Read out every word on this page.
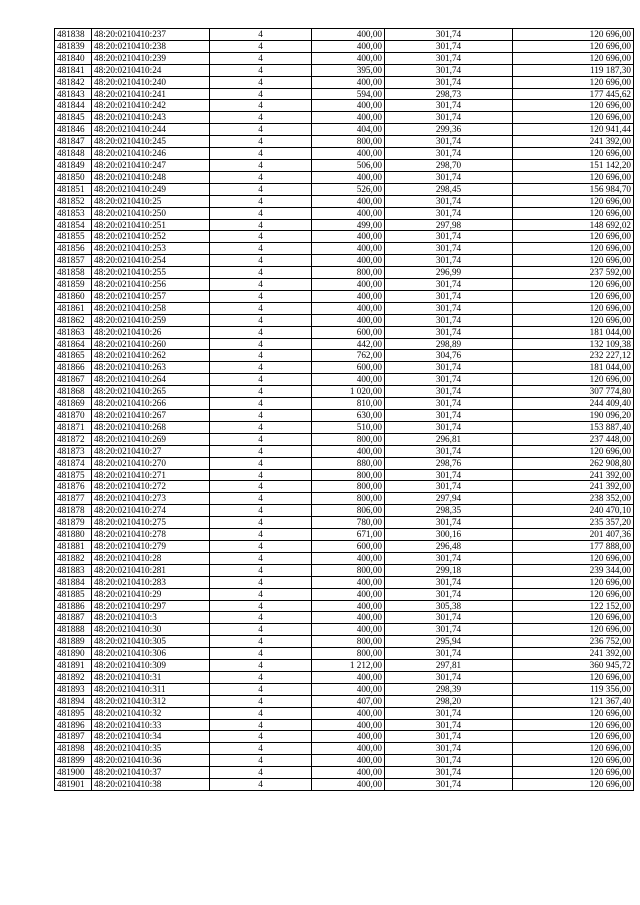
481838	48:20:0210410:237	4	400,00	301,74	120 696,00
481839	48:20:0210410:238	4	400,00	301,74	120 696,00
481840	48:20:0210410:239	4	400,00	301,74	120 696,00
481841	48:20:0210410:24	4	395,00	301,74	119 187,30
481842	48:20:0210410:240	4	400,00	301,74	120 696,00
481843	48:20:0210410:241	4	594,00	298,73	177 445,62
481844	48:20:0210410:242	4	400,00	301,74	120 696,00
481845	48:20:0210410:243	4	400,00	301,74	120 696,00
481846	48:20:0210410:244	4	404,00	299,36	120 941,44
481847	48:20:0210410:245	4	800,00	301,74	241 392,00
481848	48:20:0210410:246	4	400,00	301,74	120 696,00
481849	48:20:0210410:247	4	506,00	298,70	151 142,20
481850	48:20:0210410:248	4	400,00	301,74	120 696,00
481851	48:20:0210410:249	4	526,00	298,45	156 984,70
481852	48:20:0210410:25	4	400,00	301,74	120 696,00
481853	48:20:0210410:250	4	400,00	301,74	120 696,00
481854	48:20:0210410:251	4	499,00	297,98	148 692,02
481855	48:20:0210410:252	4	400,00	301,74	120 696,00
481856	48:20:0210410:253	4	400,00	301,74	120 696,00
481857	48:20:0210410:254	4	400,00	301,74	120 696,00
481858	48:20:0210410:255	4	800,00	296,99	237 592,00
481859	48:20:0210410:256	4	400,00	301,74	120 696,00
481860	48:20:0210410:257	4	400,00	301,74	120 696,00
481861	48:20:0210410:258	4	400,00	301,74	120 696,00
481862	48:20:0210410:259	4	400,00	301,74	120 696,00
481863	48:20:0210410:26	4	600,00	301,74	181 044,00
481864	48:20:0210410:260	4	442,00	298,89	132 109,38
481865	48:20:0210410:262	4	762,00	304,76	232 227,12
481866	48:20:0210410:263	4	600,00	301,74	181 044,00
481867	48:20:0210410:264	4	400,00	301,74	120 696,00
481868	48:20:0210410:265	4	1 020,00	301,74	307 774,80
481869	48:20:0210410:266	4	810,00	301,74	244 409,40
481870	48:20:0210410:267	4	630,00	301,74	190 096,20
481871	48:20:0210410:268	4	510,00	301,74	153 887,40
481872	48:20:0210410:269	4	800,00	296,81	237 448,00
481873	48:20:0210410:27	4	400,00	301,74	120 696,00
481874	48:20:0210410:270	4	880,00	298,76	262 908,80
481875	48:20:0210410:271	4	800,00	301,74	241 392,00
481876	48:20:0210410:272	4	800,00	301,74	241 392,00
481877	48:20:0210410:273	4	800,00	297,94	238 352,00
481878	48:20:0210410:274	4	806,00	298,35	240 470,10
481879	48:20:0210410:275	4	780,00	301,74	235 357,20
481880	48:20:0210410:278	4	671,00	300,16	201 407,36
481881	48:20:0210410:279	4	600,00	296,48	177 888,00
481882	48:20:0210410:28	4	400,00	301,74	120 696,00
481883	48:20:0210410:281	4	800,00	299,18	239 344,00
481884	48:20:0210410:283	4	400,00	301,74	120 696,00
481885	48:20:0210410:29	4	400,00	301,74	120 696,00
481886	48:20:0210410:297	4	400,00	305,38	122 152,00
481887	48:20:0210410:3	4	400,00	301,74	120 696,00
481888	48:20:0210410:30	4	400,00	301,74	120 696,00
481889	48:20:0210410:305	4	800,00	295,94	236 752,00
481890	48:20:0210410:306	4	800,00	301,74	241 392,00
481891	48:20:0210410:309	4	1 212,00	297,81	360 945,72
481892	48:20:0210410:31	4	400,00	301,74	120 696,00
481893	48:20:0210410:311	4	400,00	298,39	119 356,00
481894	48:20:0210410:312	4	407,00	298,20	121 367,40
481895	48:20:0210410:32	4	400,00	301,74	120 696,00
481896	48:20:0210410:33	4	400,00	301,74	120 696,00
481897	48:20:0210410:34	4	400,00	301,74	120 696,00
481898	48:20:0210410:35	4	400,00	301,74	120 696,00
481899	48:20:0210410:36	4	400,00	301,74	120 696,00
481900	48:20:0210410:37	4	400,00	301,74	120 696,00
481901	48:20:0210410:38	4	400,00	301,74	120 696,00
